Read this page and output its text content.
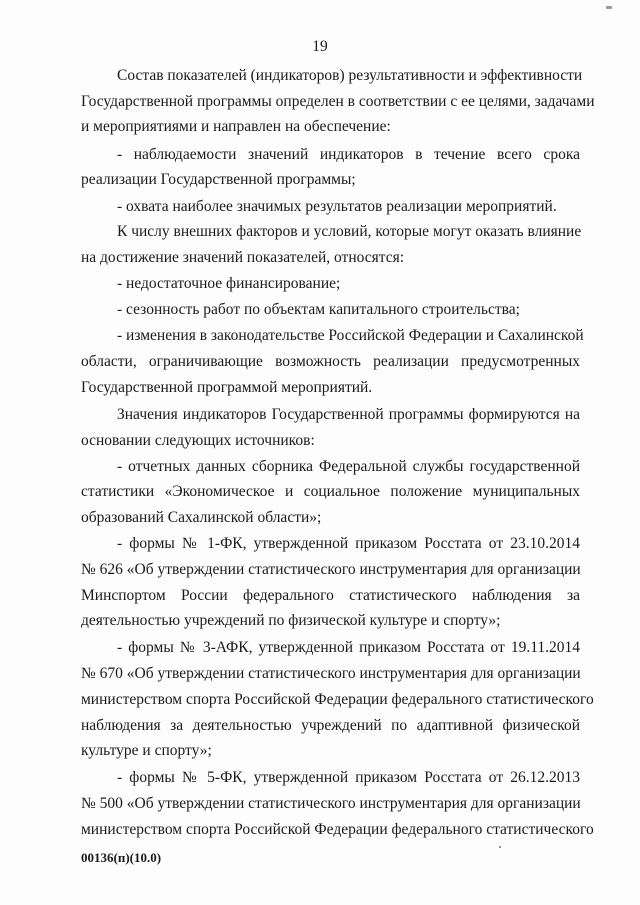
19
Состав показателей (индикаторов) результативности и эффективности
Государственной программы определен в соответствии с ее целями, задачами
и мероприятиями и направлен на обеспечение:
- наблюдаемости значений индикаторов в течение всего срока
реализации Государственной программы;
- охвата наиболее значимых результатов реализации мероприятий.
К числу внешних факторов и условий, которые могут оказать влияние
на достижение значений показателей, относятся:
- недостаточное финансирование;
- сезонность работ по объектам капитального строительства;
- изменения в законодательстве Российской Федерации и Сахалинской
области, ограничивающие возможность реализации предусмотренных
Государственной программой мероприятий.
Значения индикаторов Государственной программы формируются на
основании следующих источников:
- отчетных данных сборника Федеральной службы государственной
статистики «Экономическое и социальное положение муниципальных
образований Сахалинской области»;
- формы № 1-ФК, утвержденной приказом Росстата от 23.10.2014
№ 626 «Об утверждении статистического инструментария для организации
Минспортом России федерального статистического наблюдения за
деятельностью учреждений по физической культуре и спорту»;
- формы № 3-АФК, утвержденной приказом Росстата от 19.11.2014
№ 670 «Об утверждении статистического инструментария для организации
министерством спорта Российской Федерации федерального статистического
наблюдения за деятельностью учреждений по адаптивной физической
культуре и спорту»;
- формы № 5-ФК, утвержденной приказом Росстата от 26.12.2013
№ 500 «Об утверждении статистического инструментария для организации
министерством спорта Российской Федерации федерального статистического
00136(п)(10.0)
